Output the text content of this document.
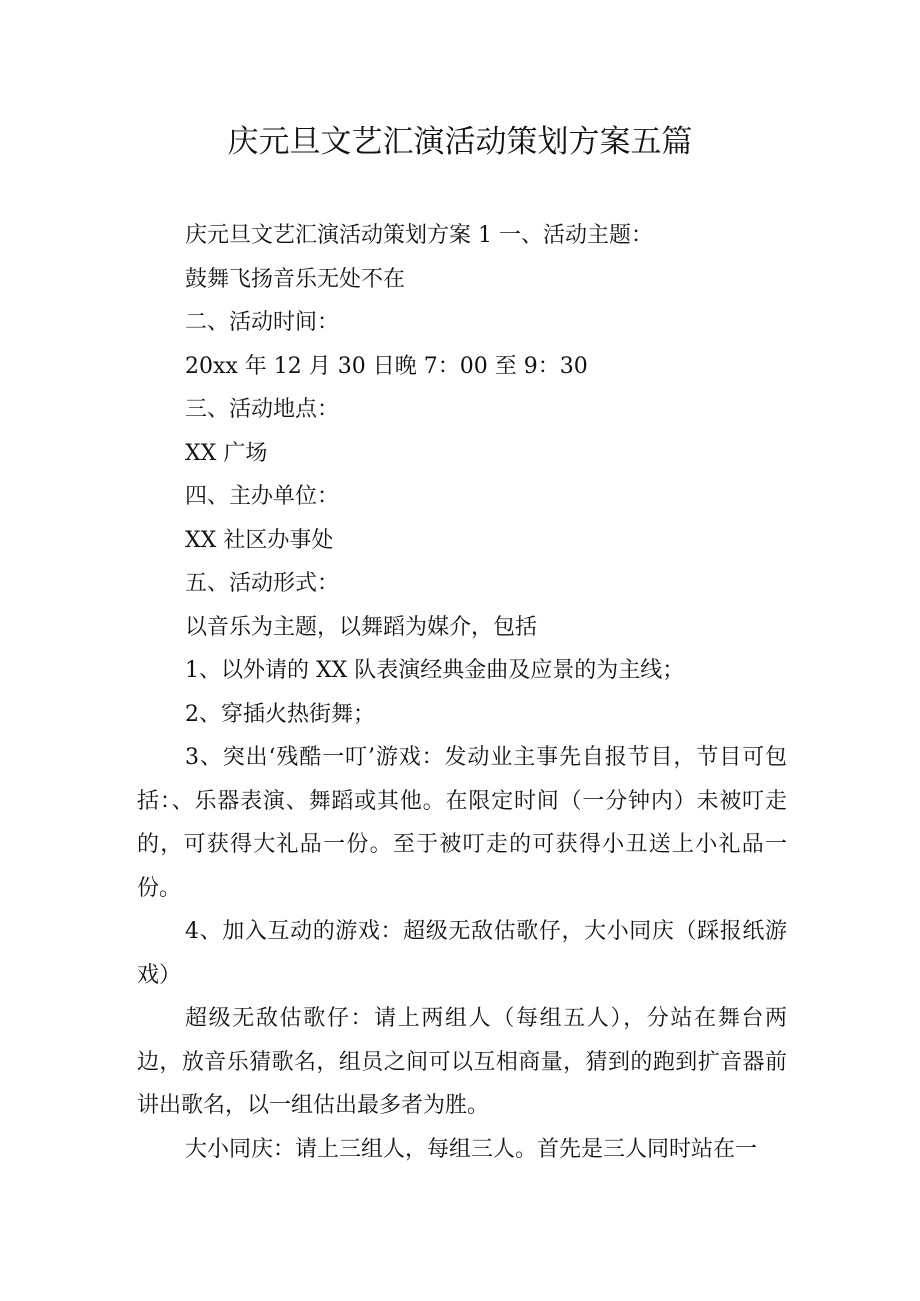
庆元旦文艺汇演活动策划方案五篇

庆元旦文艺汇演活动策划方案 1 一、活动主题：

鼓舞飞扬音乐无处不在

二、活动时间：

20xx 年 12 月 30 日晚 7：00 至 9：30

三、活动地点：

XX 广场

四、主办单位：

XX 社区办事处

五、活动形式：

以音乐为主题，以舞蹈为媒介，包括

1、以外请的 XX 队表演经典金曲及应景的为主线；

2、穿插火热街舞；

3、突出‘残酷一叮’游戏：发动业主事先自报节目，节目可包括：、乐器表演、舞蹈或其他。在限定时间（一分钟内）未被叮走的，可获得大礼品一份。至于被叮走的可获得小丑送上小礼品一份。

4、加入互动的游戏：超级无敌估歌仔，大小同庆（踩报纸游戏）

超级无敌估歌仔：请上两组人（每组五人），分站在舞台两边，放音乐猜歌名，组员之间可以互相商量，猜到的跑到扩音器前讲出歌名，以一组估出最多者为胜。

大小同庆：请上三组人，每组三人。首先是三人同时站在一
